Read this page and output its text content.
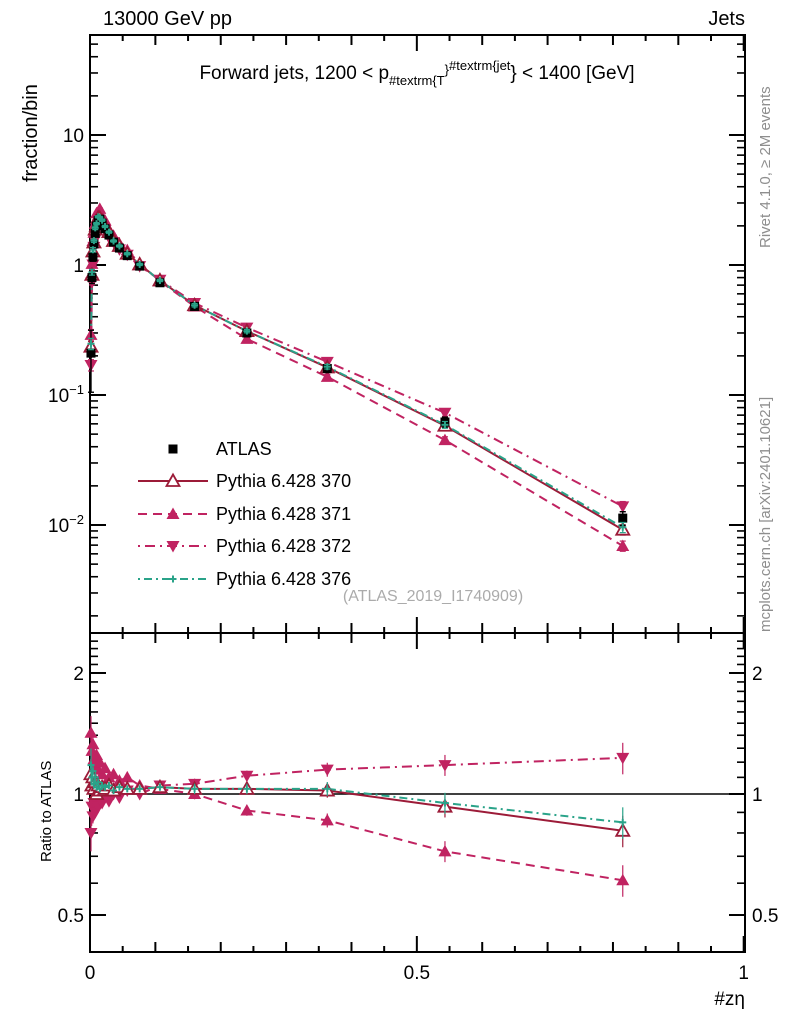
0	0.5	1
10
1
$10^{-1}$
$10^{-2}$
2	2
1	1
0.5	0.5
ATLAS
Pythia 6.428 370
Pythia 6.428 371
Pythia 6.428 372
Pythia 6.428 376
13000 GeV pp	Jets
Forward jets, $1200 < p_{\#textrm\{T}^{\}\#textrm\{jet}\} < 1400$ [GeV]
fraction/bin
Ratio to ATLAS
Rivet 4.1.0, ≥ 2M events
mcplots.cern.ch [arXiv:2401.10621]
(ATLAS_2019_I1740909)
#zη
